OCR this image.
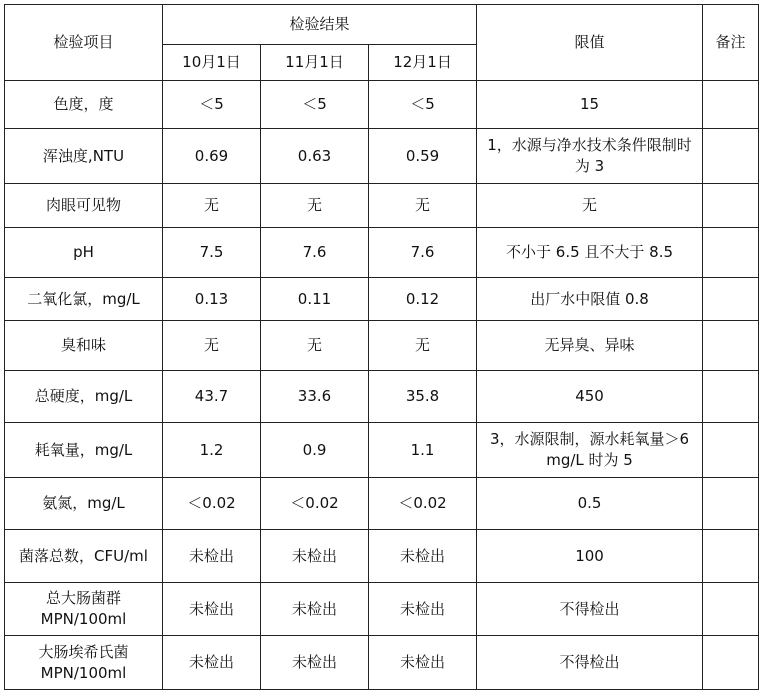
检验项目	检验结果			限值	备注
	10月1日	11月1日	12月1日		
色度，度	＜5	＜5	＜5	15	
浑浊度,NTU	0.69	0.63	0.59	1，水源与净水技术条件限制时为 3	
肉眼可见物	无	无	无	无	
pH	7.5	7.6	7.6	不小于 6.5 且不大于 8.5	
二氧化氯，mg/L	0.13	0.11	0.12	出厂水中限值 0.8	
臭和味	无	无	无	无异臭、异味	
总硬度，mg/L	43.7	33.6	35.8	450	
耗氧量，mg/L	1.2	0.9	1.1	3，水源限制，源水耗氧量＞6 mg/L 时为 5	
氨氮，mg/L	＜0.02	＜0.02	＜0.02	0.5	
菌落总数，CFU/ml	未检出	未检出	未检出	100	
总大肠菌群MPN/100ml	未检出	未检出	未检出	不得检出	
大肠埃希氏菌MPN/100ml	未检出	未检出	未检出	不得检出	
